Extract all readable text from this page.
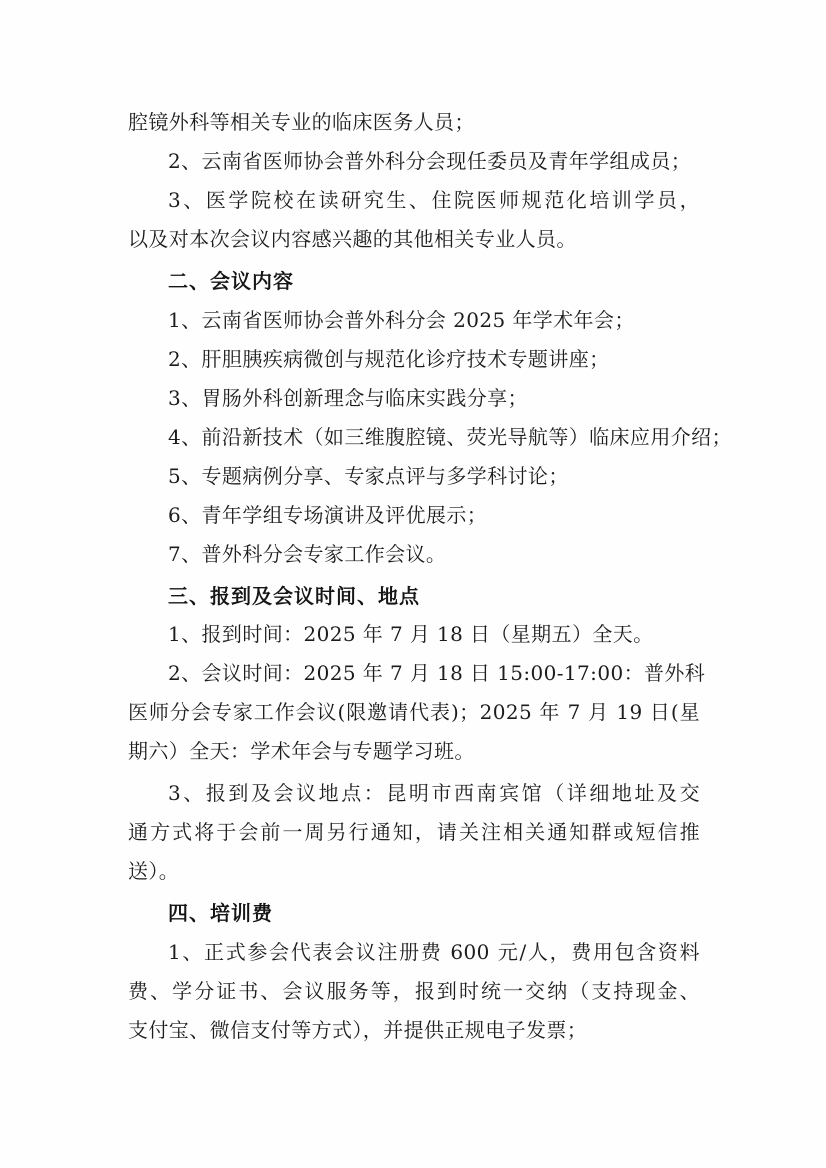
腔镜外科等相关专业的临床医务人员；
2、云南省医师协会普外科分会现任委员及青年学组成员；
3、医学院校在读研究生、住院医师规范化培训学员，
以及对本次会议内容感兴趣的其他相关专业人员。
二、会议内容
1、云南省医师协会普外科分会 2025 年学术年会；
2、肝胆胰疾病微创与规范化诊疗技术专题讲座；
3、胃肠外科创新理念与临床实践分享；
4、前沿新技术（如三维腹腔镜、荧光导航等）临床应用介绍；
5、专题病例分享、专家点评与多学科讨论；
6、青年学组专场演讲及评优展示；
7、普外科分会专家工作会议。
三、报到及会议时间、地点
1、报到时间：2025 年 7 月 18 日（星期五）全天。
2、会议时间：2025 年 7 月 18 日 15:00-17:00：普外科
医师分会专家工作会议(限邀请代表)；2025 年 7 月 19 日(星
期六）全天：学术年会与专题学习班。
3、报到及会议地点：昆明市西南宾馆（详细地址及交
通方式将于会前一周另行通知，请关注相关通知群或短信推
送）。
四、培训费
1、正式参会代表会议注册费 600 元/人，费用包含资料
费、学分证书、会议服务等，报到时统一交纳（支持现金、
支付宝、微信支付等方式），并提供正规电子发票；
